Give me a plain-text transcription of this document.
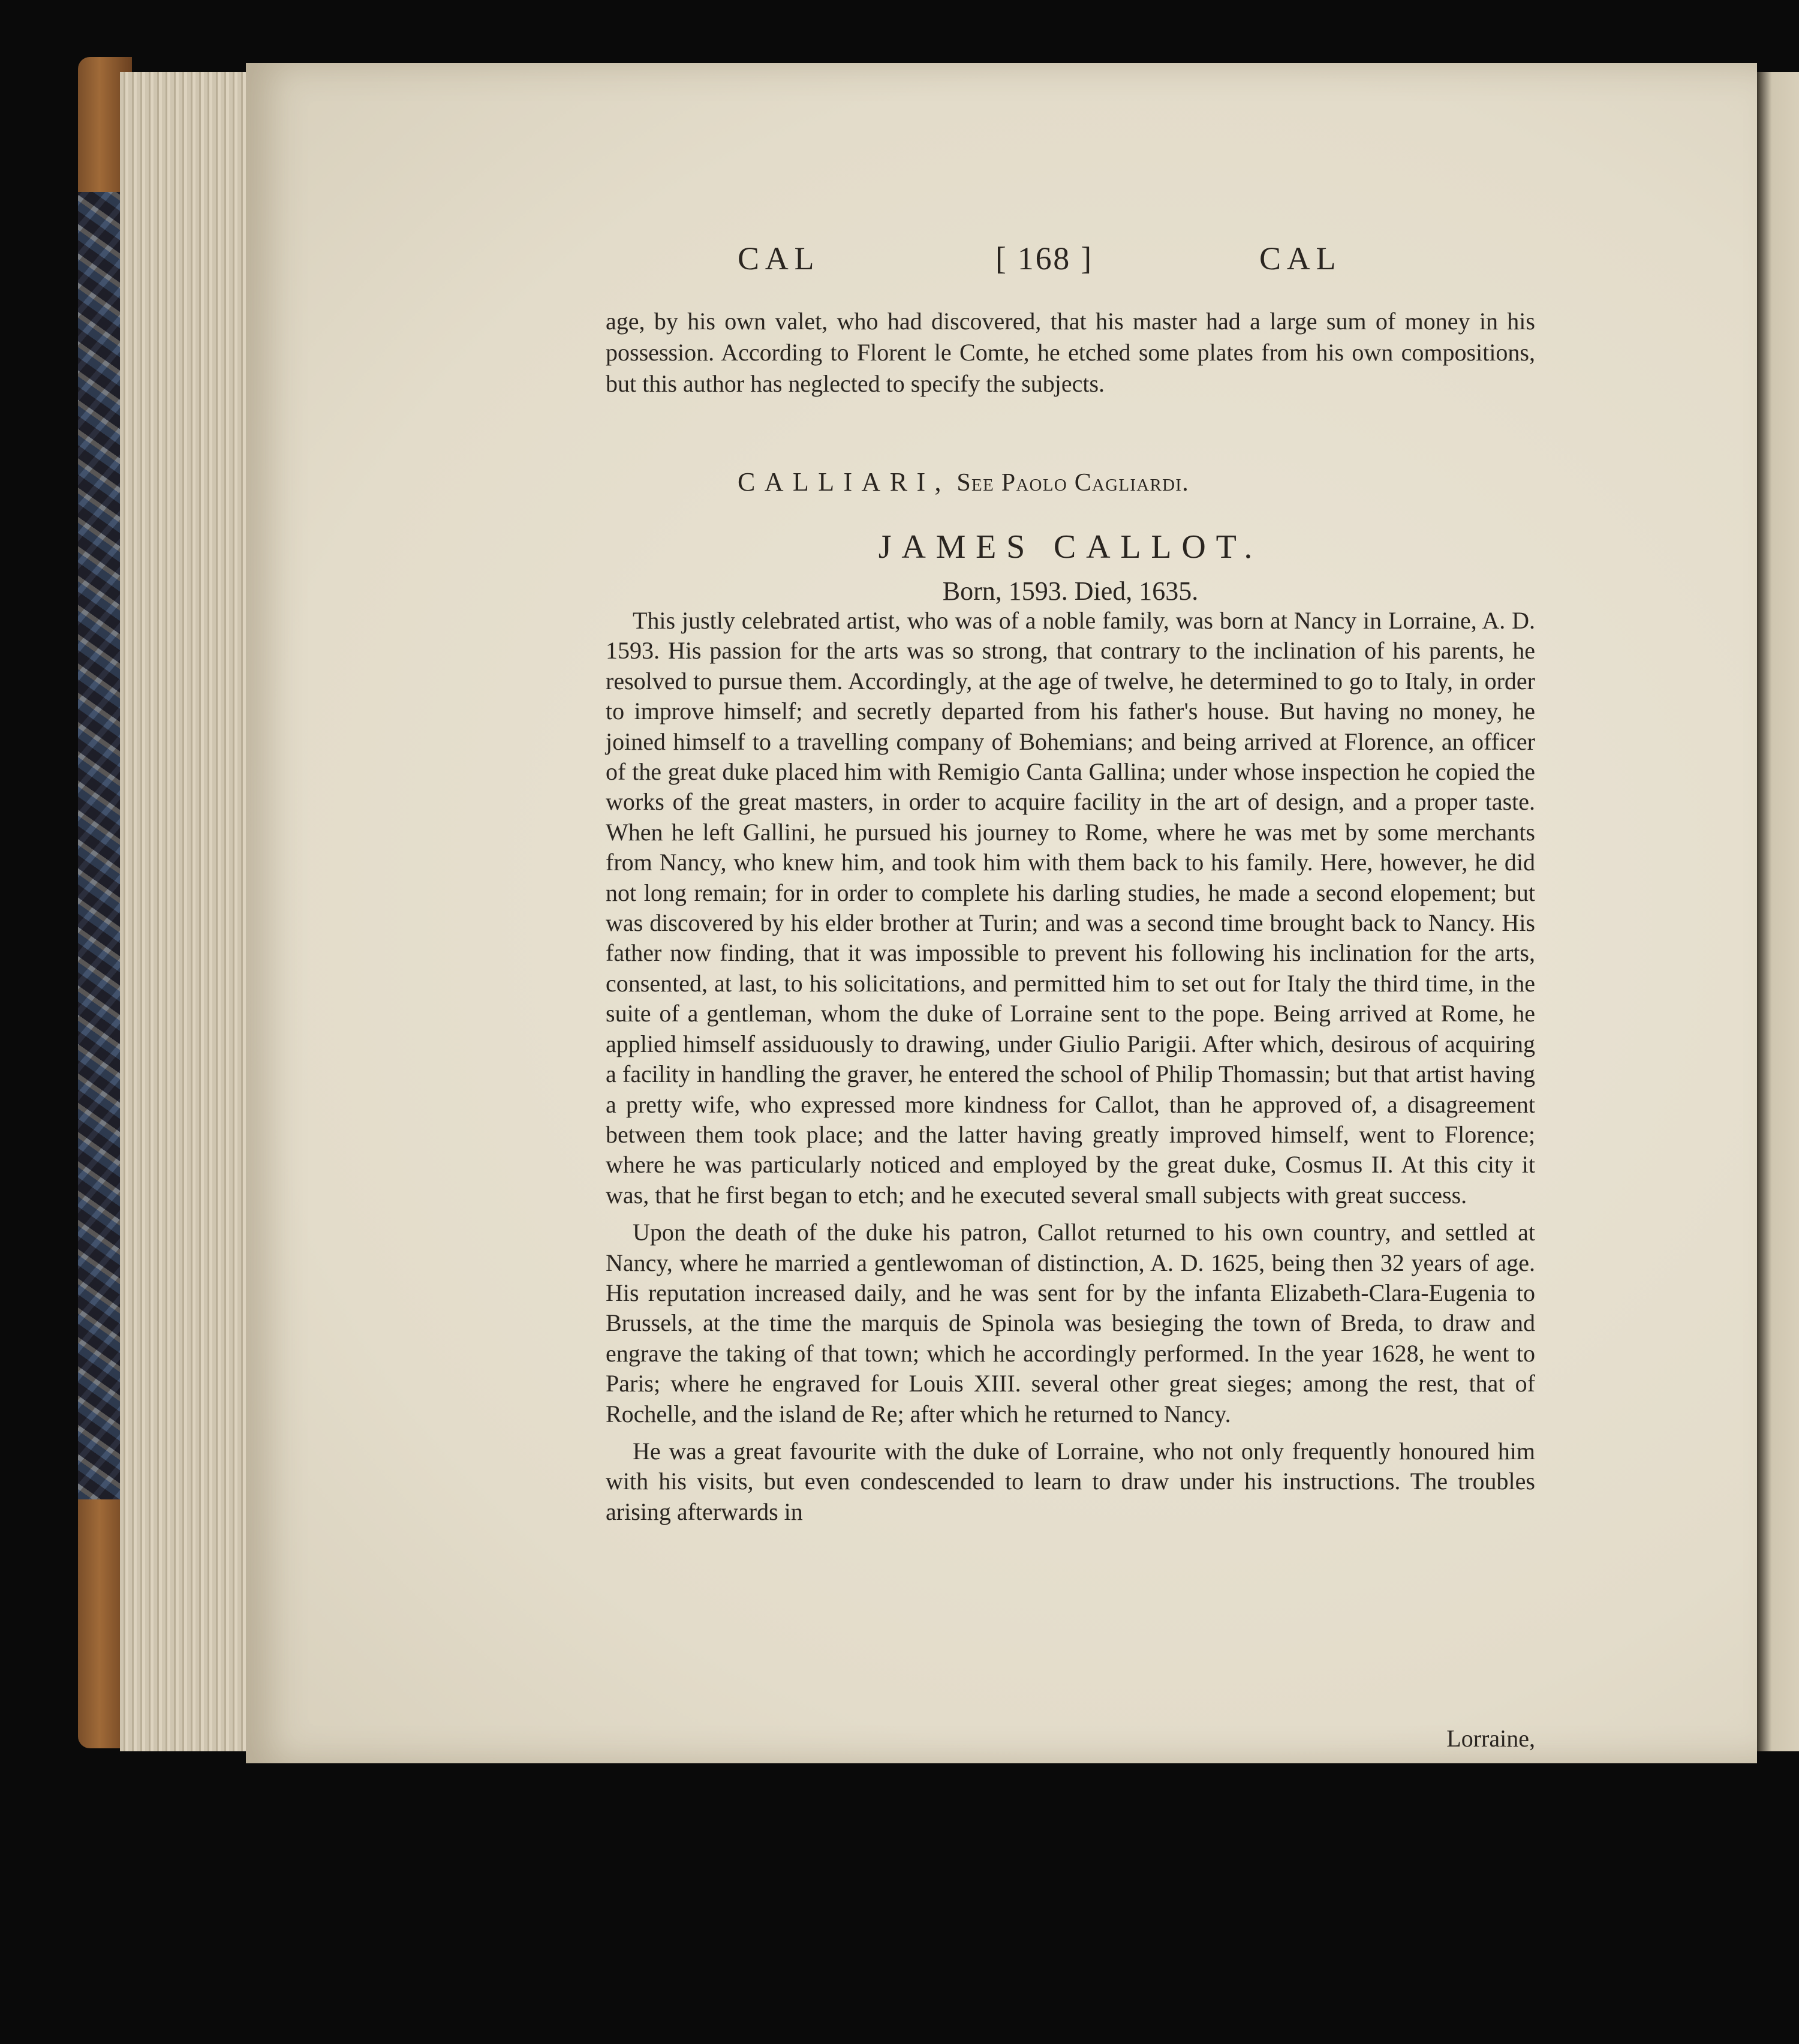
CAL	[ 168 ]	CAL

age, by his own valet, who had discovered, that his master had a large sum of money in his possession. According to Florent le Comte, he etched some plates from his own compositions, but this author has neglected to specify the subjects.

CALLIARI, See Paolo Cagliardi.
JAMES CALLOT.
Born, 1593. Died, 1635.

This justly celebrated artist, who was of a noble family, was born at Nancy in Lorraine, A. D. 1593. His passion for the arts was so strong, that contrary to the inclination of his parents, he resolved to pursue them. Accordingly, at the age of twelve, he determined to go to Italy, in order to improve himself; and secretly departed from his father's house. But having no money, he joined himself to a travelling company of Bohemians; and being arrived at Florence, an officer of the great duke placed him with Remigio Canta Gallina; under whose inspection he copied the works of the great masters, in order to acquire facility in the art of design, and a proper taste. When he left Gallini, he pursued his journey to Rome, where he was met by some merchants from Nancy, who knew him, and took him with them back to his family. Here, however, he did not long remain; for in order to complete his darling studies, he made a second elopement; but was discovered by his elder brother at Turin; and was a second time brought back to Nancy. His father now finding, that it was impossible to prevent his following his inclination for the arts, consented, at last, to his solicitations, and permitted him to set out for Italy the third time, in the suite of a gentleman, whom the duke of Lorraine sent to the pope. Being arrived at Rome, he applied himself assiduously to drawing, under Giulio Parigii. After which, desirous of acquiring a facility in handling the graver, he entered the school of Philip Thomassin; but that artist having a pretty wife, who expressed more kindness for Callot, than he approved of, a disagreement between them took place; and the latter having greatly improved himself, went to Florence; where he was particularly noticed and employed by the great duke, Cosmus II. At this city it was, that he first began to etch; and he executed several small subjects with great success.

Upon the death of the duke his patron, Callot returned to his own country, and settled at Nancy, where he married a gentlewoman of distinction, A. D. 1625, being then 32 years of age. His reputation increased daily, and he was sent for by the infanta Elizabeth-Clara-Eugenia to Brussels, at the time the marquis de Spinola was besieging the town of Breda, to draw and engrave the taking of that town; which he accordingly performed. In the year 1628, he went to Paris; where he engraved for Louis XIII. several other great sieges; among the rest, that of Rochelle, and the island de Re; after which he returned to Nancy.

He was a great favourite with the duke of Lorraine, who not only frequently honoured him with his visits, but even condescended to learn to draw under his instructions. The troubles arising afterwards in

Lorraine,
